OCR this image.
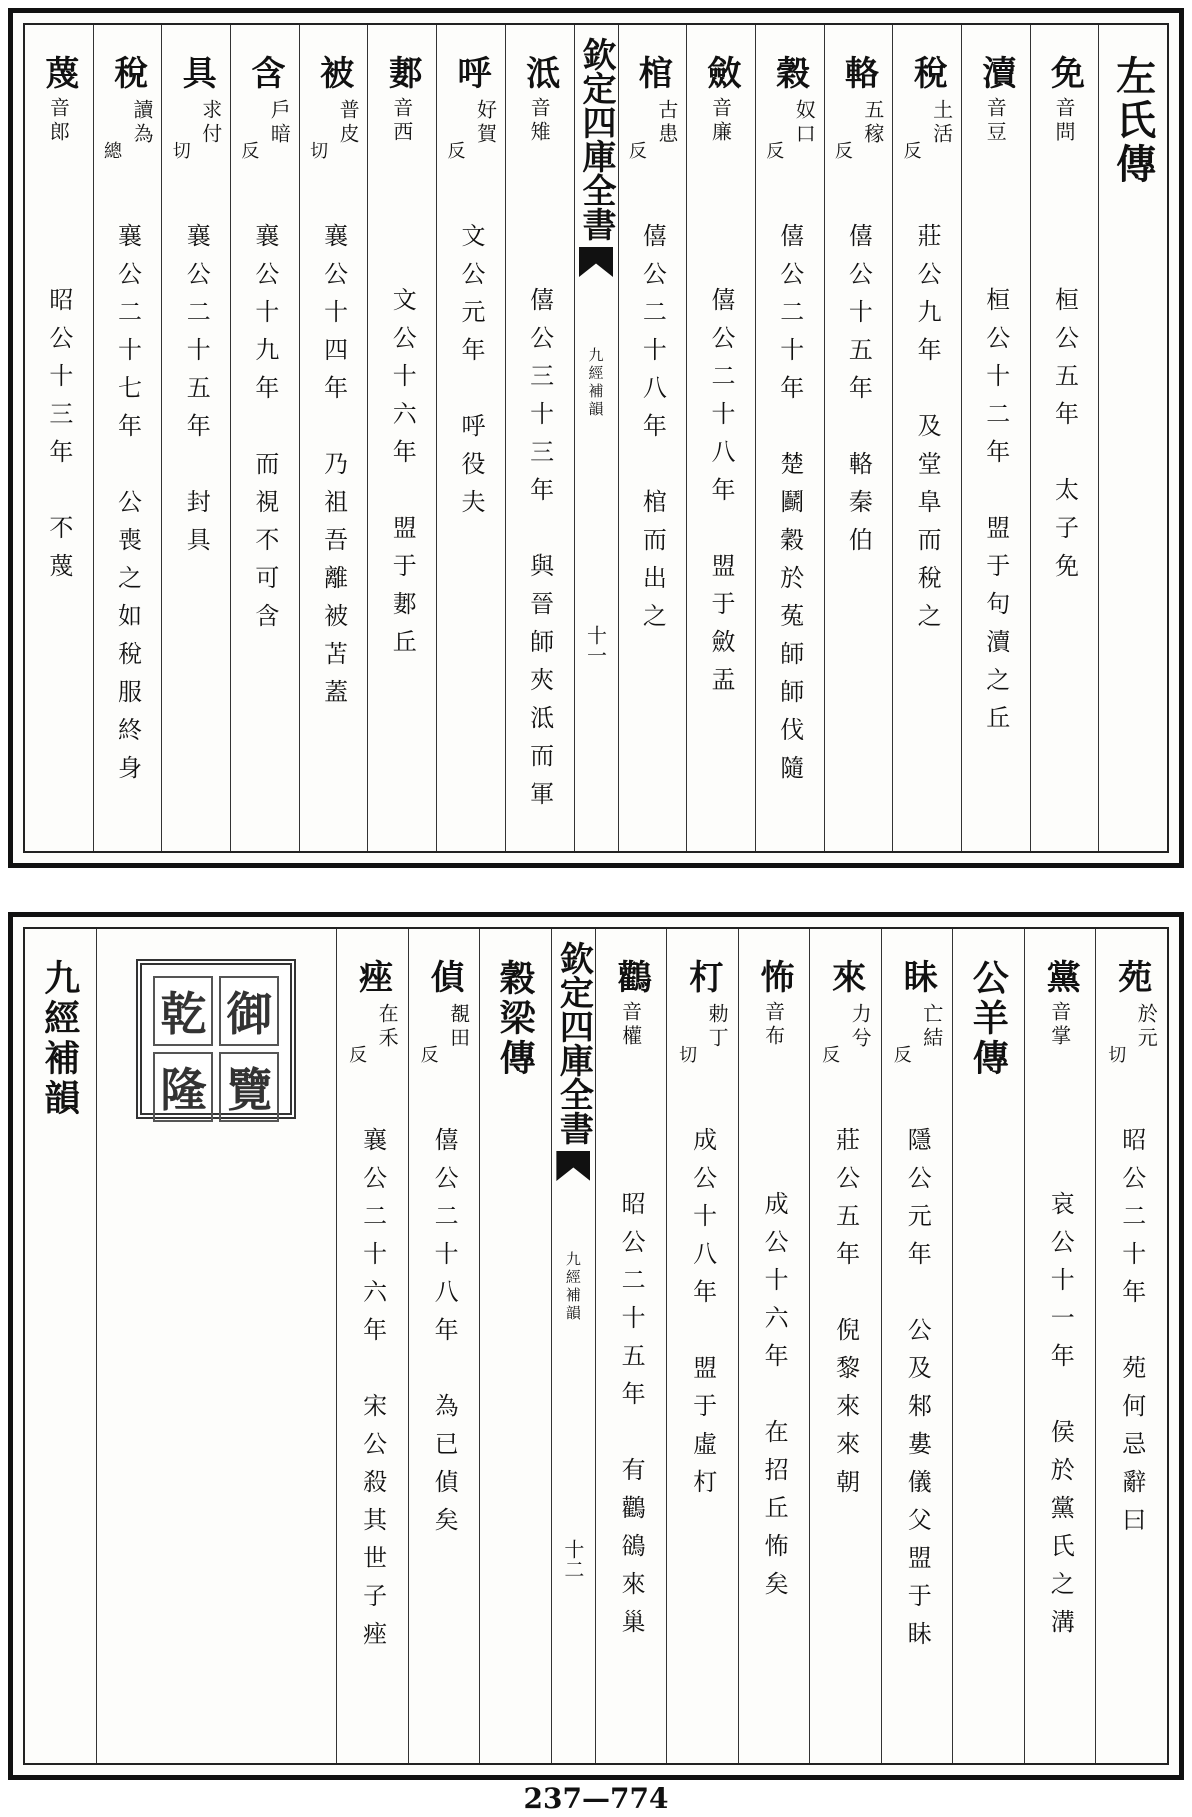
左氏傳
免
音問
桓公五年　太子免
瀆
音豆
桓公十二年　盟于句瀆之丘
稅
土活
反
莊公九年　及堂阜而稅之
輅
五稼
反
僖公十五年　輅秦伯
穀
奴口
反
僖公二十年　楚鬬穀於菟師師伐隨
斂
音廉
僖公二十八年　盟于斂盂
棺
古患
反
僖公二十八年　棺而出之
欽定四庫全書
九經補韻
十一
泜
音雉
僖公三十三年　與晉師夾泜而軍
呼
好賀
反
文公元年　呼役夫
郪
音西
文公十六年　盟于郪丘
被
普皮
切
襄公十四年　乃祖吾離被苫蓋
含
戶暗
反
襄公十九年　而視不可含
具
求付
切
襄公二十五年　封具
稅
讀為
總
襄公二十七年　公喪之如稅服終身
蔑
音郎
昭公十三年　不蔑
苑
於元
切
昭公二十年　苑何忌辭曰
黨
音掌
哀公十一年　侯於黨氏之溝
公羊傳
眛
亡結
反
隱公元年　公及邾婁儀父盟于眛
來
力兮
反
莊公五年　倪黎來來朝
怖
音布
成公十六年　在招丘怖矣
朾
勅丁
切
成公十八年　盟于虛朾
鸛
音權
昭公二十五年　有鸛鵒來巢
欽定四庫全書
九經補韻
十二
穀梁傳
偵
覩田
反
僖公二十八年　為已偵矣
痤
在禾
反
襄公二十六年　宋公殺其世子痤
乾 御
隆 覽
九經補韻
237—774
